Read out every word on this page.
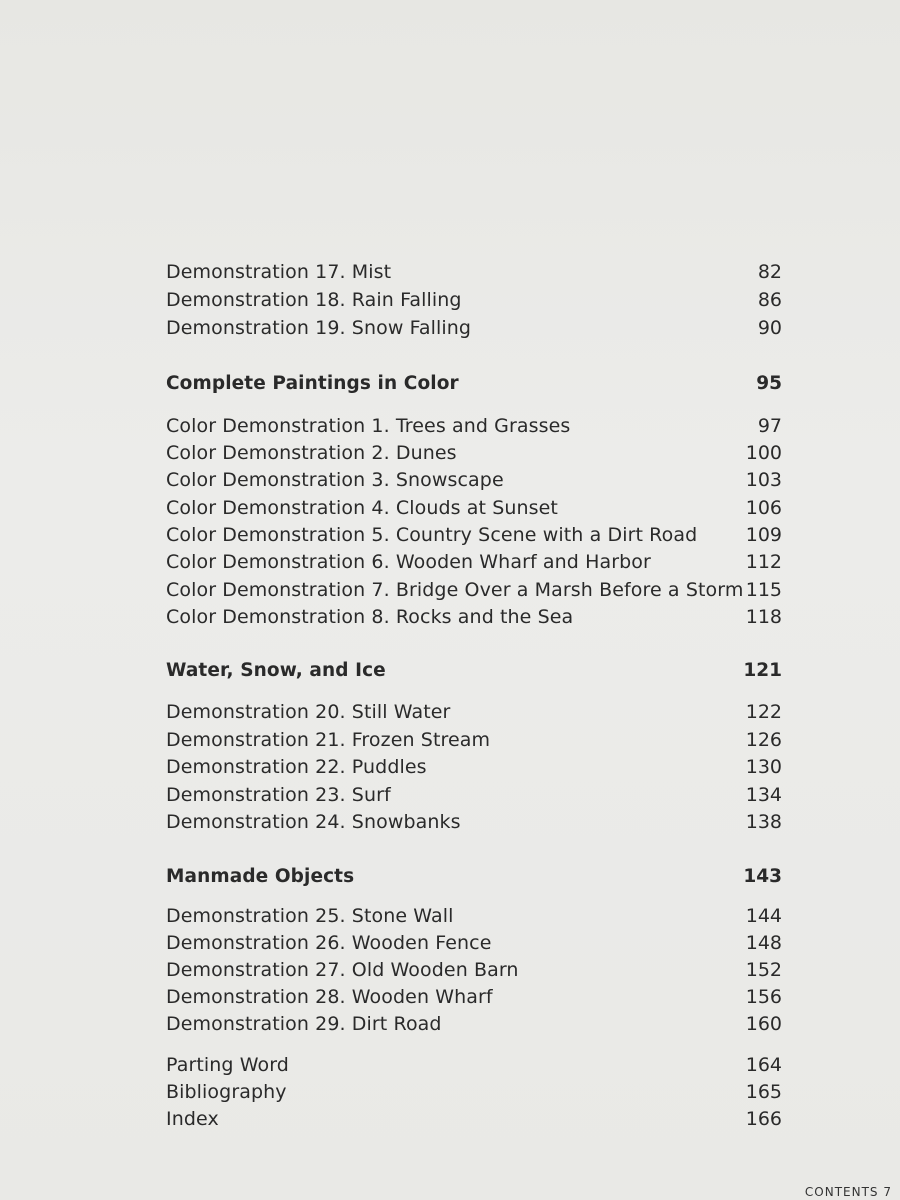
Demonstration 17. Mist	82
Demonstration 18. Rain Falling	86
Demonstration 19. Snow Falling	90
Complete Paintings in Color	95
Color Demonstration 1. Trees and Grasses	97
Color Demonstration 2. Dunes	100
Color Demonstration 3. Snowscape	103
Color Demonstration 4. Clouds at Sunset	106
Color Demonstration 5. Country Scene with a Dirt Road	109
Color Demonstration 6. Wooden Wharf and Harbor	112
Color Demonstration 7. Bridge Over a Marsh Before a Storm 115
Color Demonstration 8. Rocks and the Sea	118
Water, Snow, and Ice	121
Demonstration 20. Still Water	122
Demonstration 21. Frozen Stream	126
Demonstration 22. Puddles	130
Demonstration 23. Surf	134
Demonstration 24. Snowbanks	138
Manmade Objects	143
Demonstration 25. Stone Wall	144
Demonstration 26. Wooden Fence	148
Demonstration 27. Old Wooden Barn	152
Demonstration 28. Wooden Wharf	156
Demonstration 29. Dirt Road	160
Parting Word	164
Bibliography	165
Index	166
CONTENTS 7
